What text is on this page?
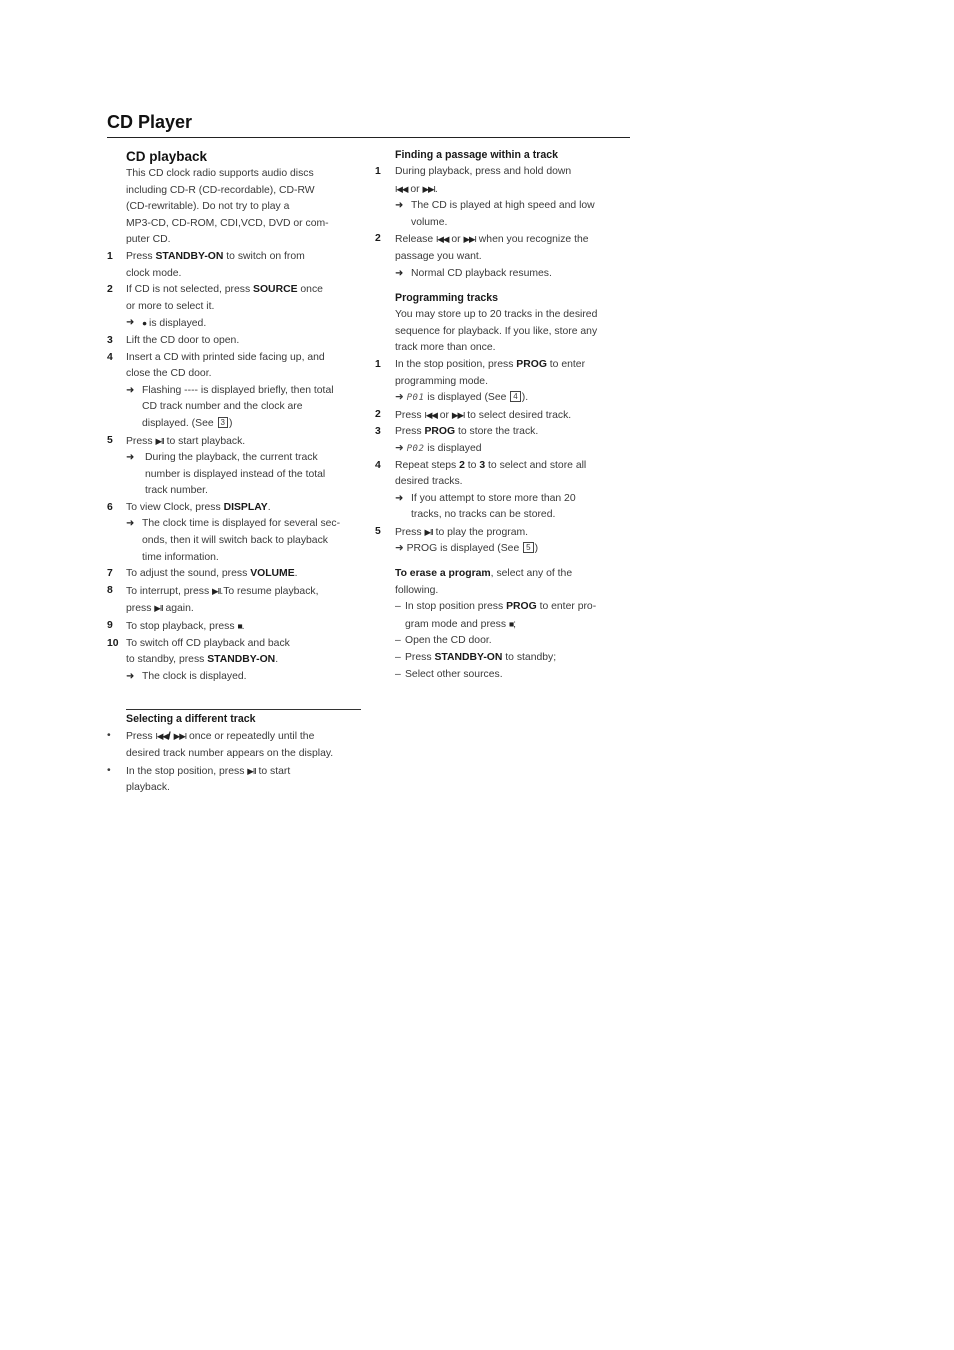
CD Player
CD playback
This CD clock radio supports audio discs
including CD-R (CD-recordable), CD-RW
(CD-rewritable). Do not try to play a
MP3-CD, CD-ROM, CDI,VCD, DVD or com-
puter CD.
1 Press STANDBY-ON to switch on from
clock mode.
2 If CD is not selected, press SOURCE once
or more to select it.
➜ ● is displayed.
3 Lift the CD door to open.
4 Insert a CD with printed side facing up, and
close the CD door.
➜ Flashing ---- is displayed briefly, then total
CD track number and the clock are
displayed. (See 3 )
5 Press ▶II to start playback.
➜ During the playback, the current track
number is displayed instead of the total
track number.
6 To view Clock, press DISPLAY.
➜ The clock time is displayed for several sec-
onds, then it will switch back to playback
time information.
7 To adjust the sound, press VOLUME.
8 To interrupt, press ▶II.To resume playback,
press ▶II again.
9 To stop playback, press ■.
10 To switch off CD playback and back
to standby, press STANDBY-ON.
➜ The clock is displayed.
Selecting a different track
• Press I◀◀/ ▶▶I once or repeatedly until the
desired track number appears on the display.
• In the stop position, press ▶II to start
playback.
Finding a passage within a track
1 During playback, press and hold down
I◀◀ or ▶▶I.
➜ The CD is played at high speed and low
volume.
2 Release I◀◀ or ▶▶I when you recognize the
passage you want.
➜ Normal CD playback resumes.
Programming tracks
You may store up to 20 tracks in the desired
sequence for playback. If you like, store any
track more than once.
1 In the stop position, press PROG to enter
programming mode.
➜ P01 is displayed (See 4 ).
2 Press I◀◀ or ▶▶I to select desired track.
3 Press PROG to store the track.
➜ P02 is displayed
4 Repeat steps 2 to 3 to select and store all
desired tracks.
➜ If you attempt to store more than 20
tracks, no tracks can be stored.
5 Press ▶II to play the program.
➜ PROG is displayed (See 5 )
To erase a program, select any of the
following.
– In stop position press PROG to enter pro-
gram mode and press ■;
– Open the CD door.
– Press STANDBY-ON to standby;
– Select other sources.
